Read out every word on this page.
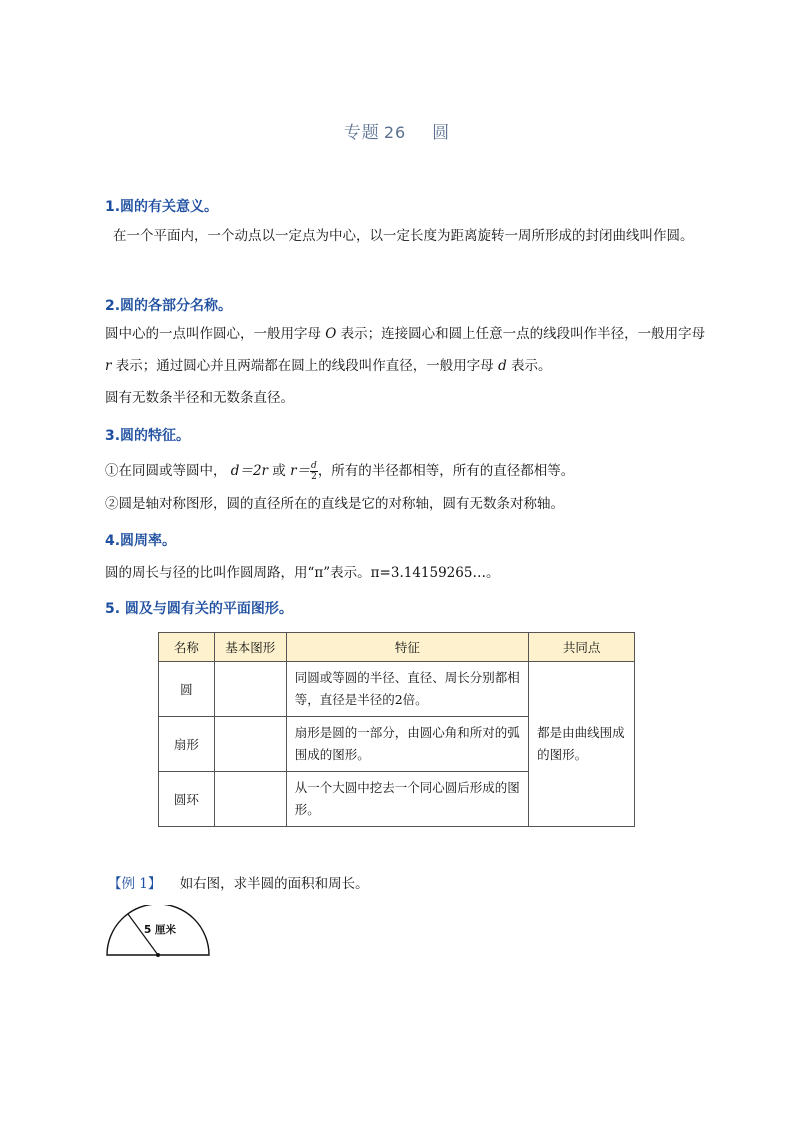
专题 26 圆
1.圆的有关意义。
在一个平面内，一个动点以一定点为中心，以一定长度为距离旋转一周所形成的封闭曲线叫作圆。
2.圆的各部分名称。
圆中心的一点叫作圆心，一般用字母 O 表示；连接圆心和圆上任意一点的线段叫作半径，一般用字母 r 表示；通过圆心并且两端都在圆上的线段叫作直径，一般用字母 d 表示。
圆有无数条半径和无数条直径。
3.圆的特征。
①在同圆或等圆中， d＝2r 或 $r= \frac{d}{2}$ ，所有的半径都相等，所有的直径都相等。
②圆是轴对称图形，圆的直径所在的直线是它的对称轴，圆有无数条对称轴。
4.圆周率。
圆的周长与径的比叫作圆周路，用“π”表示。π=3.14159265…。
5. 圆及与圆有关的平面图形。
名称	基本图形	特征	共同点
圆		同圆或等圆的半径、直径、周长分别都相等，直径是半径的2倍。	都是由曲线围成的图形。
扇形		扇形是圆的一部分，由圆心角和所对的弧围成的图形。	
圆环		从一个大圆中挖去一个同心圆后形成的图形。	
【例 1】 如右图，求半圆的面积和周长。
5 厘米
